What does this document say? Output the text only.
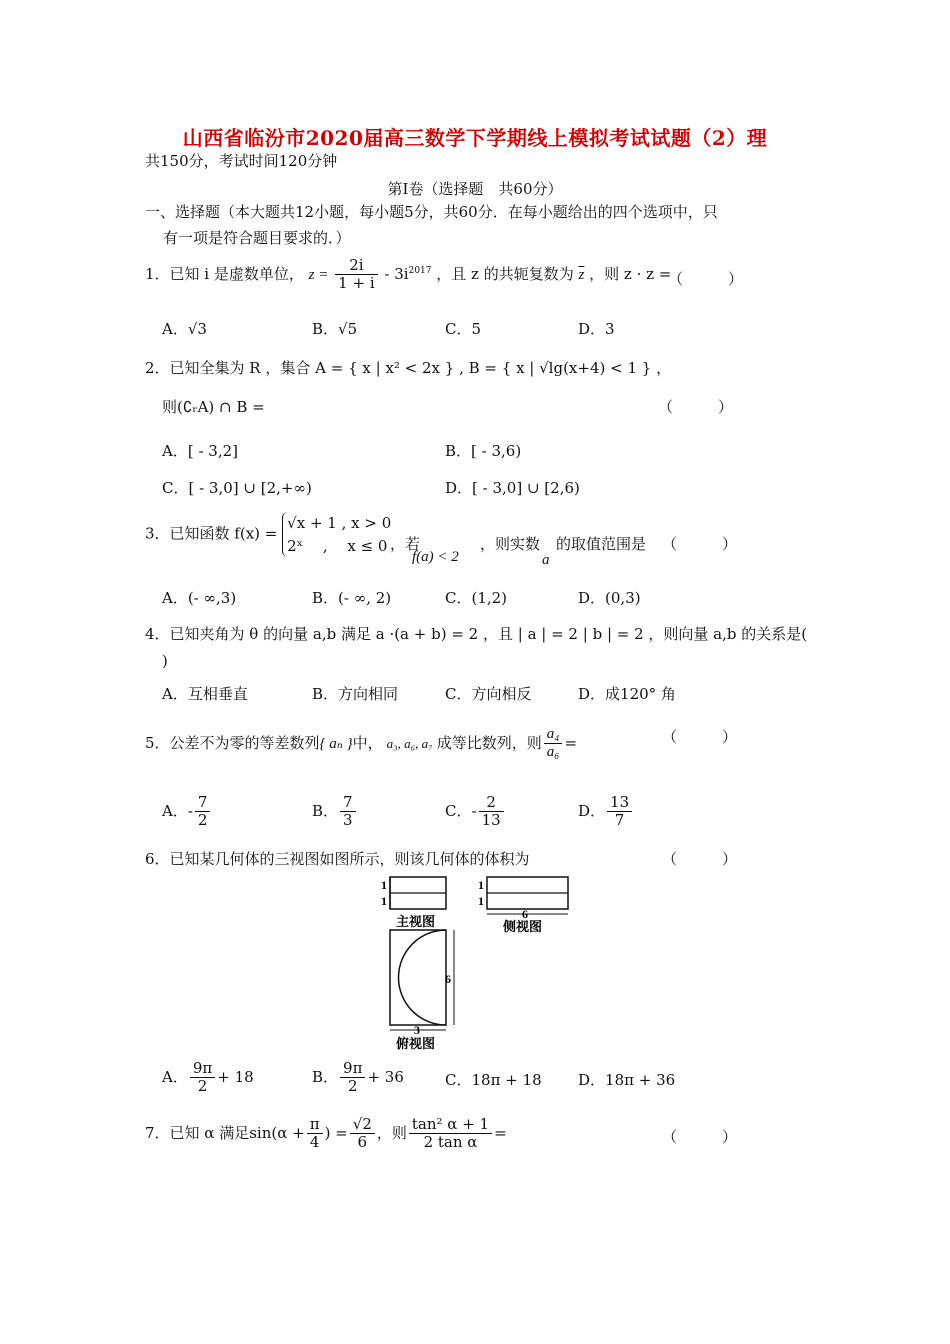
山西省临汾市2020届高三数学下学期线上模拟考试试题（2）理
共150分，考试时间120分钟
第Ⅰ卷（选择题　共60分）
一、选择题（本大题共12小题，每小题5分，共60分．在每小题给出的四个选项中，只
有一项是符合题目要求的．）
1．已知 i 是虚数单位， $z = \frac{2i}{1 + i} - 3i^{2017}$ ，且 z 的共轭复数为 $\overline{z}$ ，则 z · z =
（　　　）
A．√3	B．√5	C．5	D．3
2．已知全集为 R ，集合 A = { x | x² < 2x } , B = { x | √lg(x+4) < 1 } ，
则(∁ᵣA) ∩ B =	（　　　）
A．[ - 3,2]	B．[ - 3,6)
C．[ - 3,0] ∪ [2,+∞)	D．[ - 3,0] ∪ [2,6)
3．已知函数 f(x) =
√x + 1 , x > 0
2ˣ 　,　 x ≤ 0 ，若
f(a) < 2
，则实数
a
的取值范围是 （　　　）
A．(- ∞,3)	B．(- ∞, 2)	C．(1,2)	D．(0,3)
4．已知夹角为 θ 的向量 a,b 满足 a ·(a + b) = 2 ，且 | a | = 2 | b | = 2 ，则向量 a,b 的关系是(
)
A．互相垂直	B．方向相同	C．方向相反	D．成120° 角
5．公差不为零的等差数列{ aₙ }中， a₃, a₆, a₇ 成等比数列，则 $\frac{\text{a₄}}{\text{a₆}}$ =	（　　　）
A．- $\frac{7}{2}$	B． $\frac{7}{3}$	C．- $\frac{2}{13}$	D． $\frac{13}{7}$
6．已知某几何体的三视图如图所示，则该几何体的体积为	（　　　）
1
1
主视图
1
1
6
侧视图
6
3
俯视图
A． $\frac{9\pi}{2} + 18$	B． $\frac{9\pi}{2} + 36$	C．18π + 18 D．18π + 36
7．已知 α 满足$\sin(\alpha + \frac{\pi}{4}$ ) = $\frac{√2}{6}$ ，则 $\frac{\text{tan² α + 1}}{\text{2 tan α}}$ =	（　　　）
